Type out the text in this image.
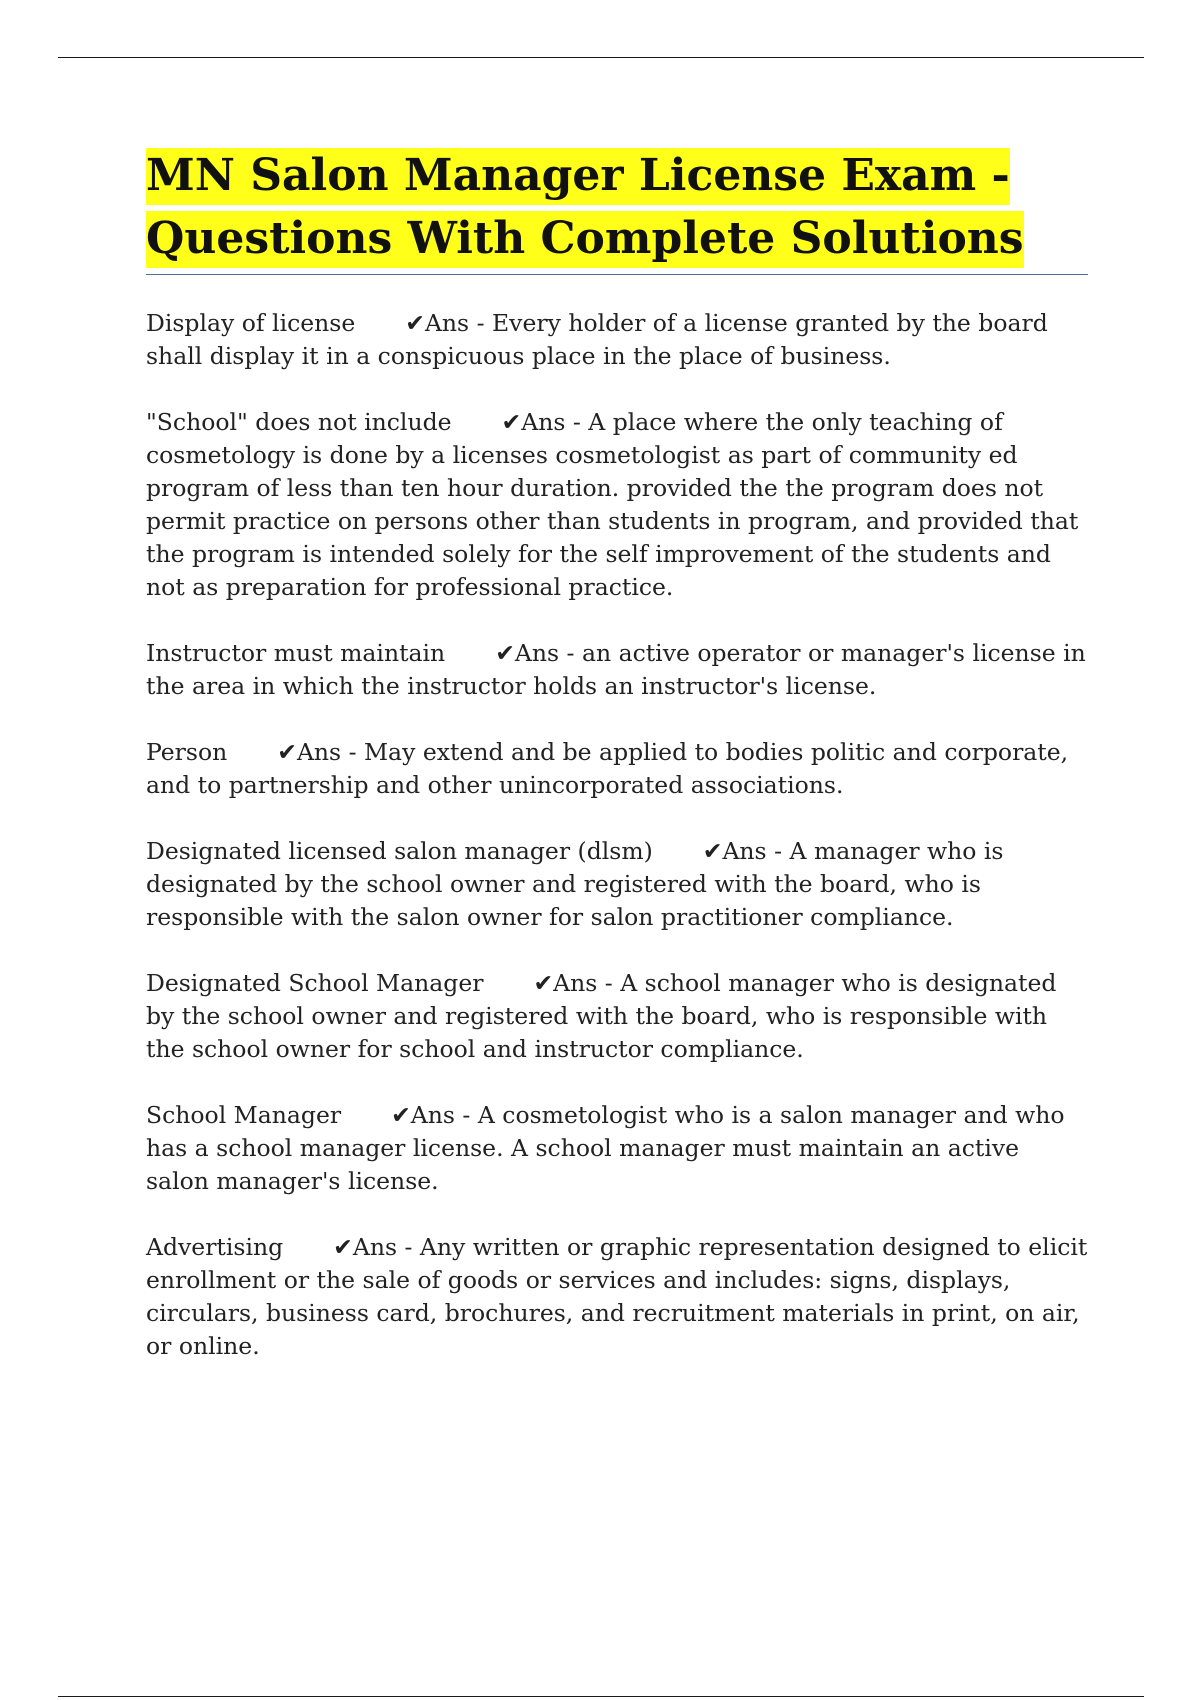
MN Salon Manager License Exam - Questions With Complete Solutions

Display of license ✔Ans - Every holder of a license granted by the board shall display it in a conspicuous place in the place of business.

"School" does not include ✔Ans - A place where the only teaching of cosmetology is done by a licenses cosmetologist as part of community ed program of less than ten hour duration. provided the the program does not permit practice on persons other than students in program, and provided that the program is intended solely for the self improvement of the students and not as preparation for professional practice.

Instructor must maintain ✔Ans - an active operator or manager's license in the area in which the instructor holds an instructor's license.

Person ✔Ans - May extend and be applied to bodies politic and corporate, and to partnership and other unincorporated associations.

Designated licensed salon manager (dlsm) ✔Ans - A manager who is designated by the school owner and registered with the board, who is responsible with the salon owner for salon practitioner compliance.

Designated School Manager ✔Ans - A school manager who is designated by the school owner and registered with the board, who is responsible with the school owner for school and instructor compliance.

School Manager ✔Ans - A cosmetologist who is a salon manager and who has a school manager license. A school manager must maintain an active salon manager's license.

Advertising ✔Ans - Any written or graphic representation designed to elicit enrollment or the sale of goods or services and includes: signs, displays, circulars, business card, brochures, and recruitment materials in print, on air, or online.
